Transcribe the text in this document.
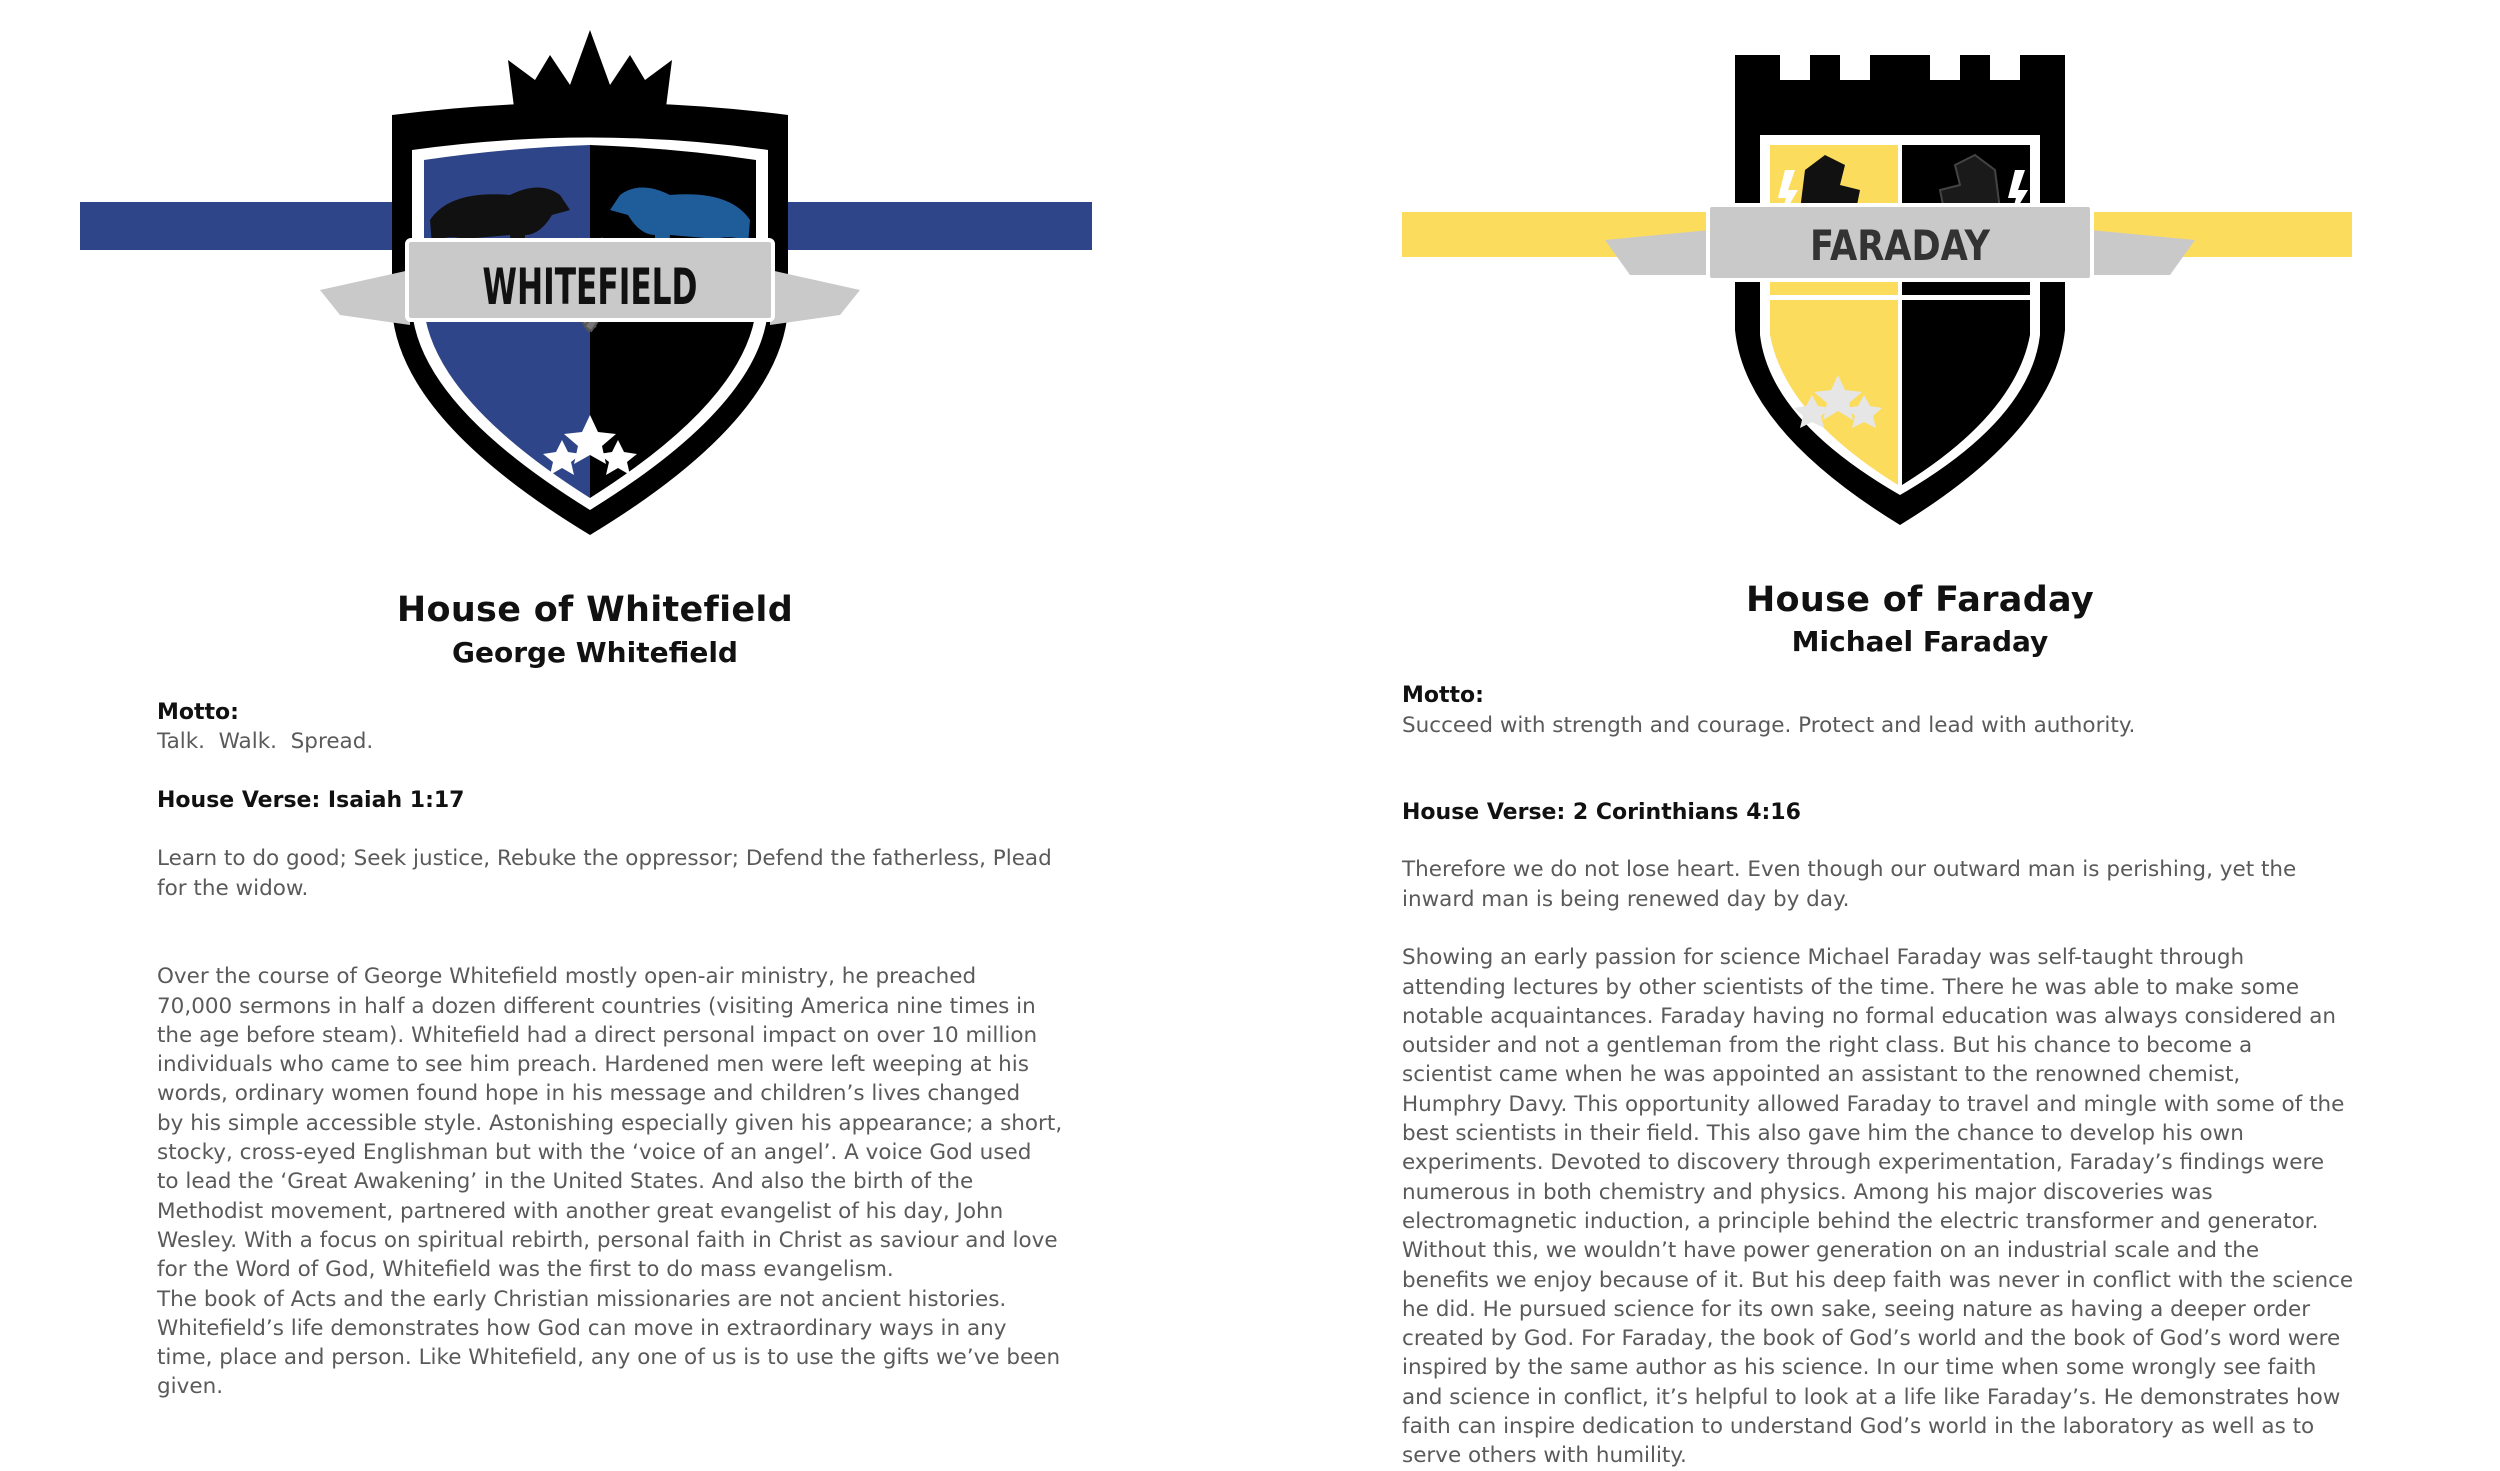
WHITEFIELD
House of Whitefield
George Whitefield
Motto:
Talk.  Walk.  Spread.
House Verse: Isaiah 1:17

Learn to do good; Seek justice, Rebuke the oppressor; Defend the fatherless, Plead
for the widow.

Over the course of George Whitefield mostly open-air ministry, he preached
70,000 sermons in half a dozen different countries (visiting America nine times in
the age before steam). Whitefield had a direct personal impact on over 10 million
individuals who came to see him preach. Hardened men were left weeping at his
words, ordinary women found hope in his message and children’s lives changed
by his simple accessible style. Astonishing especially given his appearance; a short,
stocky, cross-eyed Englishman but with the ‘voice of an angel’. A voice God used
to lead the ‘Great Awakening’ in the United States. And also the birth of the
Methodist movement, partnered with another great evangelist of his day, John
Wesley. With a focus on spiritual rebirth, personal faith in Christ as saviour and love
for the Word of God, Whitefield was the first to do mass evangelism.
The book of Acts and the early Christian missionaries are not ancient histories.
Whitefield’s life demonstrates how God can move in extraordinary ways in any
time, place and person. Like Whitefield, any one of us is to use the gifts we’ve been
given.

FARADAY
House of Faraday
Michael Faraday
Motto:
Succeed with strength and courage. Protect and lead with authority.
House Verse: 2 Corinthians 4:16

Therefore we do not lose heart. Even though our outward man is perishing, yet the
inward man is being renewed day by day.

Showing an early passion for science Michael Faraday was self-taught through
attending lectures by other scientists of the time. There he was able to make some
notable acquaintances. Faraday having no formal education was always considered an
outsider and not a gentleman from the right class. But his chance to become a
scientist came when he was appointed an assistant to the renowned chemist,
Humphry Davy. This opportunity allowed Faraday to travel and mingle with some of the
best scientists in their field. This also gave him the chance to develop his own
experiments. Devoted to discovery through experimentation, Faraday’s findings were
numerous in both chemistry and physics. Among his major discoveries was
electromagnetic induction, a principle behind the electric transformer and generator.
Without this, we wouldn’t have power generation on an industrial scale and the
benefits we enjoy because of it. But his deep faith was never in conflict with the science
he did. He pursued science for its own sake, seeing nature as having a deeper order
created by God. For Faraday, the book of God’s world and the book of God’s word were
inspired by the same author as his science. In our time when some wrongly see faith
and science in conflict, it’s helpful to look at a life like Faraday’s. He demonstrates how
faith can inspire dedication to understand God’s world in the laboratory as well as to
serve others with humility.
